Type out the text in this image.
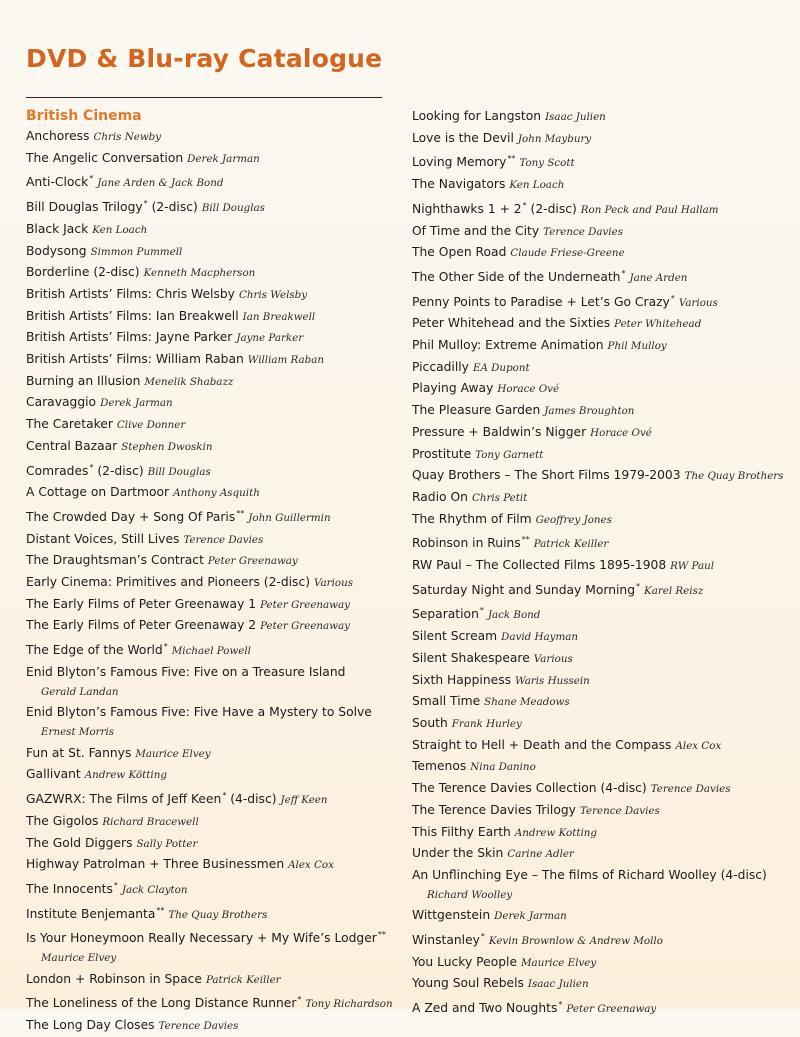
DVD & Blu-ray Catalogue
British Cinema
Anchoress Chris Newby
The Angelic Conversation Derek Jarman
Anti-Clock* Jane Arden & Jack Bond
Bill Douglas Trilogy* (2-disc) Bill Douglas
Black Jack Ken Loach
Bodysong Simmon Pummell
Borderline (2-disc) Kenneth Macpherson
British Artists’ Films: Chris Welsby Chris Welsby
British Artists’ Films: Ian Breakwell Ian Breakwell
British Artists’ Films: Jayne Parker Jayne Parker
British Artists’ Films: William Raban William Raban
Burning an Illusion Menelik Shabazz
Caravaggio Derek Jarman
The Caretaker Clive Donner
Central Bazaar Stephen Dwoskin
Comrades* (2-disc) Bill Douglas
A Cottage on Dartmoor Anthony Asquith
The Crowded Day + Song Of Paris** John Guillermin
Distant Voices, Still Lives Terence Davies
The Draughtsman’s Contract Peter Greenaway
Early Cinema: Primitives and Pioneers (2-disc) Various
The Early Films of Peter Greenaway 1 Peter Greenaway
The Early Films of Peter Greenaway 2 Peter Greenaway
The Edge of the World* Michael Powell
Enid Blyton’s Famous Five: Five on a Treasure Island
Gerald Landan
Enid Blyton’s Famous Five: Five Have a Mystery to Solve
Ernest Morris
Fun at St. Fannys Maurice Elvey
Gallivant Andrew Kötting
GAZWRX: The Films of Jeff Keen* (4-disc) Jeff Keen
The Gigolos Richard Bracewell
The Gold Diggers Sally Potter
Highway Patrolman + Three Businessmen Alex Cox
The Innocents* Jack Clayton
Institute Benjemanta** The Quay Brothers
Is Your Honeymoon Really Necessary + My Wife’s Lodger**
Maurice Elvey
London + Robinson in Space Patrick Keiller
The Loneliness of the Long Distance Runner* Tony Richardson
The Long Day Closes Terence Davies
Looking for Langston Isaac Julien
Love is the Devil John Maybury
Loving Memory** Tony Scott
The Navigators Ken Loach
Nighthawks 1 + 2* (2-disc) Ron Peck and Paul Hallam
Of Time and the City Terence Davies
The Open Road Claude Friese-Greene
The Other Side of the Underneath* Jane Arden
Penny Points to Paradise + Let’s Go Crazy* Various
Peter Whitehead and the Sixties Peter Whitehead
Phil Mulloy: Extreme Animation Phil Mulloy
Piccadilly EA Dupont
Playing Away Horace Ové
The Pleasure Garden James Broughton
Pressure + Baldwin’s Nigger Horace Ové
Prostitute Tony Garnett
Quay Brothers – The Short Films 1979-2003 The Quay Brothers
Radio On Chris Petit
The Rhythm of Film Geoffrey Jones
Robinson in Ruins** Patrick Keiller
RW Paul – The Collected Films 1895-1908 RW Paul
Saturday Night and Sunday Morning* Karel Reisz
Separation* Jack Bond
Silent Scream David Hayman
Silent Shakespeare Various
Sixth Happiness Waris Hussein
Small Time Shane Meadows
South Frank Hurley
Straight to Hell + Death and the Compass Alex Cox
Temenos Nina Danino
The Terence Davies Collection (4-disc) Terence Davies
The Terence Davies Trilogy Terence Davies
This Filthy Earth Andrew Kotting
Under the Skin Carine Adler
An Unflinching Eye – The films of Richard Woolley (4-disc)
Richard Woolley
Wittgenstein Derek Jarman
Winstanley* Kevin Brownlow & Andrew Mollo
You Lucky People Maurice Elvey
Young Soul Rebels Isaac Julien
A Zed and Two Noughts* Peter Greenaway
